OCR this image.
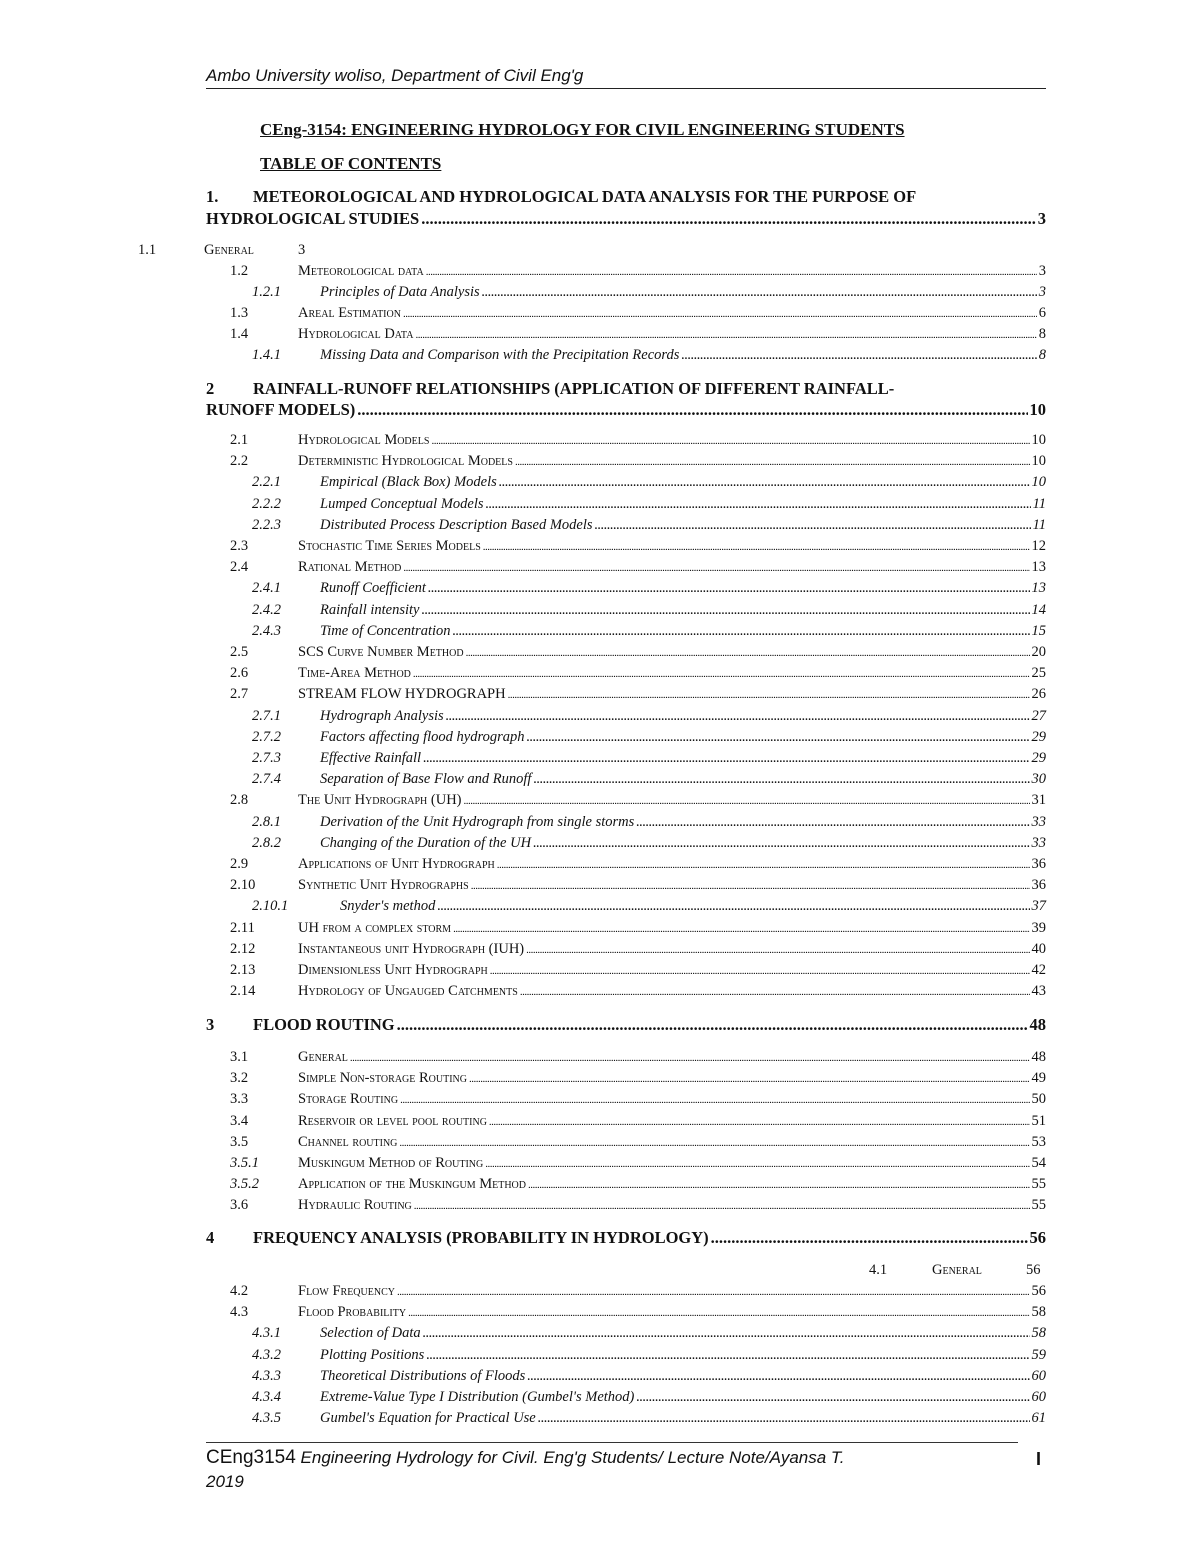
Ambo University woliso, Department of Civil Eng'g
CEng-3154: ENGINEERING HYDROLOGY FOR CIVIL ENGINEERING STUDENTS
TABLE OF CONTENTS
1.	METEOROLOGICAL AND HYDROLOGICAL DATA ANALYSIS FOR THE PURPOSE OF
HYDROLOGICAL STUDIES .....	3
1.1	General	3
1.2	Meteorological data .....	3
1.2.1	Principles of Data Analysis .....	3
1.3	Areal Estimation .....	6
1.4	Hydrological Data .....	8
1.4.1	Missing Data and Comparison with the Precipitation Records .....	8
2	RAINFALL-RUNOFF RELATIONSHIPS (APPLICATION OF DIFFERENT RAINFALL-
RUNOFF MODELS) .....	10
2.1	Hydrological Models .....	10
2.2	Deterministic Hydrological Models .....	10
2.2.1	Empirical (Black Box) Models .....	10
2.2.2	Lumped Conceptual Models .....	11
2.2.3	Distributed Process Description Based Models .....	11
2.3	Stochastic Time Series Models .....	12
2.4	Rational Method .....	13
2.4.1	Runoff Coefficient .....	13
2.4.2	Rainfall intensity .....	14
2.4.3	Time of Concentration .....	15
2.5	SCS Curve Number Method .....	20
2.6	Time-Area Method .....	25
2.7	STREAM FLOW HYDROGRAPH .....	26
2.7.1	Hydrograph Analysis .....	27
2.7.2	Factors affecting flood hydrograph .....	29
2.7.3	Effective Rainfall .....	29
2.7.4	Separation of Base Flow and Runoff .....	30
2.8	The Unit Hydrograph (UH) .....	31
2.8.1	Derivation of the Unit Hydrograph from single storms .....	33
2.8.2	Changing of the Duration of the UH .....	33
2.9	Applications of Unit Hydrograph .....	36
2.10	Synthetic Unit Hydrographs .....	36
2.10.1	Snyder's method .....	37
2.11	UH from a complex storm .....	39
2.12	Instantaneous unit Hydrograph (IUH) .....	40
2.13	Dimensionless Unit Hydrograph .....	42
2.14	Hydrology of Ungauged Catchments .....	43
3	FLOOD ROUTING .....	48
3.1	General .....	48
3.2	Simple Non-storage Routing .....	49
3.3	Storage Routing .....	50
3.4	Reservoir or level pool routing .....	51
3.5	Channel routing .....	53
3.5.1	Muskingum Method of Routing .....	54
3.5.2	Application of the Muskingum Method .....	55
3.6	Hydraulic Routing .....	55
4	FREQUENCY ANALYSIS (PROBABILITY IN HYDROLOGY) .....	56
4.1	General	56
4.2	Flow Frequency .....	56
4.3	Flood Probability .....	58
4.3.1	Selection of Data .....	58
4.3.2	Plotting Positions .....	59
4.3.3	Theoretical Distributions of Floods .....	60
4.3.4	Extreme-Value Type I Distribution (Gumbel's Method) .....	60
4.3.5	Gumbel's Equation for Practical Use .....	61
CEng3154 Engineering Hydrology for Civil. Eng'g Students/ Lecture Note/Ayansa T.
2019
I
